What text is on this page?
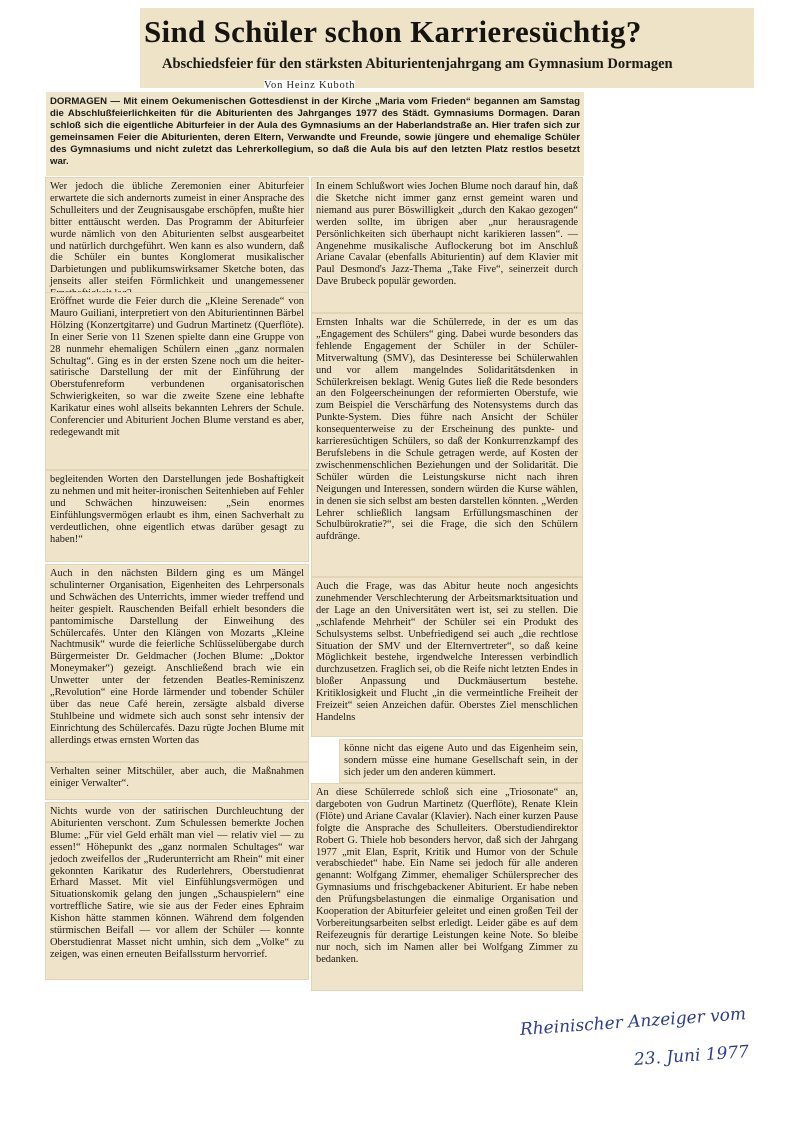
Sind Schüler schon Karrieresüchtig?
Abschiedsfeier für den stärksten Abiturientenjahrgang am Gymnasium Dormagen
Von Heinz Kuboth
DORMAGEN — Mit einem Oekumenischen Gottesdienst in der Kirche „Maria vom Frieden“ begannen am Samstag die Abschlußfeierlichkeiten für die Abiturienten des Jahrganges 1977 des Städt. Gymnasiums Dormagen. Daran schloß sich die eigentliche Abiturfeier in der Aula des Gymnasiums an der Haberlandstraße an. Hier trafen sich zur gemeinsamen Feier die Abiturienten, deren Eltern, Verwandte und Freunde, sowie jüngere und ehemalige Schüler des Gymnasiums und nicht zuletzt das Lehrerkollegium, so daß die Aula bis auf den letzten Platz restlos besetzt war.

Wer jedoch die übliche Zeremonien einer Abiturfeier erwartete die sich andernorts zumeist in einer Ansprache des Schulleiters und der Zeugnisausgabe erschöpfen, mußte hier bitter enttäuscht werden. Das Programm der Abiturfeier wurde nämlich von den Abiturienten selbst ausgearbeitet und natürlich durchgeführt. Wen kann es also wundern, daß die Schüler ein buntes Konglomerat musikalischer Darbietungen und publikumswirksamer Sketche boten, das jenseits aller steifen Förmlichkeit und unangemessener

Eröffnet wurde die Feier durch die „Kleine Serenade“ von Mauro Guiliani, interpretiert von den Abiturientinnen Bärbel Hölzing (Konzertgitarre) und Gudrun Martinetz (Querflöte). In einer Serie von 11 Szenen spielte dann eine Gruppe von 28 nunmehr ehemaligen Schülern einen „ganz normalen Schultag“. Ging es in der ersten Szene noch um die heiter-satirische Darstellung der mit der Einführung der Oberstufenreform verbundenen organisatorischen Schwierigkeiten, so war die zweite Szene eine lebhafte Karikatur eines wohl allseits bekannten Lehrers der Schule. Conferencier und Abiturient Jochen Blume verstand es aber, redegewandt mit

begleitenden Worten den Darstellungen jede Boshaftigkeit zu nehmen und mit heiter-ironischen Seitenhieben auf Fehler und Schwächen hinzuweisen: „Sein enormes Einfühlungsvermögen erlaubt es ihm, einen Sachverhalt zu verdeutlichen, ohne eigentlich etwas darüber gesagt zu haben!“

Auch in den nächsten Bildern ging es um Mängel schulinterner Organisation, Eigenheiten des Lehrpersonals und Schwächen des Unterrichts, immer wieder treffend und heiter gespielt. Rauschenden Beifall erhielt besonders die pantomimische Darstellung der Einweihung des Schülercafés. Unter den Klängen von Mozarts „Kleine Nachtmusik“ wurde die feierliche Schlüsselübergabe durch Bürgermeister Dr. Geldmacher (Jochen Blume: „Doktor Moneymaker“) gezeigt. Anschließend brach wie ein Unwetter unter der fetzenden Beatles-Reminiszenz „Revolution“ eine Horde lärmender und tobender Schüler über das neue Café herein, zersägte alsbald diverse Stuhlbeine und widmete sich auch sonst sehr intensiv der Einrichtung des Schülercafés. Dazu rügte Jochen Blume mit allerdings etwas ernsten Worten das

Verhalten seiner Mitschüler, aber auch, die Maßnahmen einiger Verwalter“.

Nichts wurde von der satirischen Durchleuchtung der Abiturienten verschont. Zum Schulessen bemerkte Jochen Blume: „Für viel Geld erhält man viel — relativ viel — zu essen!“ Höhepunkt des „ganz normalen Schultages“ war jedoch zweifellos der „Ruderunterricht am Rhein“ mit einer gekonnten Karikatur des Ruderlehrers, Oberstudienrat Erhard Masset. Mit viel Einfühlungsvermögen und Situationskomik gelang den jungen „Schauspielern“ eine vortreffliche Satire, wie sie aus der Feder eines Ephraim Kishon hätte stammen können. Während dem folgenden stürmischen Beifall — vor allem der Schüler — konnte Oberstudienrat Masset nicht umhin, sich dem „Volke“ zu zeigen, was einen erneuten Beifallssturm hervorrief.

In einem Schlußwort wies Jochen Blume noch darauf hin, daß die Sketche nicht immer ganz ernst gemeint waren und niemand aus purer Böswilligkeit „durch den Kakao gezogen“ werden sollte, im übrigen aber „nur herausragende Persönlichkeiten sich überhaupt nicht karikieren lassen“. — Angenehme musikalische Auflockerung bot im Anschluß Ariane Cavalar (ebenfalls Abiturientin) auf dem Klavier mit Paul Desmond's Jazz-Thema „Take Five“, seinerzeit durch Dave Brubeck populär geworden.

Ernsten Inhalts war die Schülerrede, in der es um das „Engagement des Schülers“ ging. Dabei wurde besonders das fehlende Engagement der Schüler in der Schüler-Mitverwaltung (SMV), das Desinteresse bei Schülerwahlen und vor allem mangelndes Solidaritätsdenken in Schülerkreisen beklagt. Wenig Gutes ließ die Rede besonders an den Folgeerscheinungen der reformierten Oberstufe, wie zum Beispiel die Verschärfung des Notensystems durch das Punkte-System. Dies führe nach Ansicht der Schüler konsequenterweise zu der Erscheinung des punkte- und karrieresüchtigen Schülers, so daß der Konkurrenzkampf des Berufslebens in die Schule getragen werde, auf Kosten der zwischenmenschlichen Beziehungen und der Solidarität. Die Schüler würden die Leistungskurse nicht nach ihren Neigungen und Interessen, sondern würden die Kurse wählen, in denen sie sich selbst am besten darstellen könnten. „Werden Lehrer schließlich langsam Erfüllungsmaschinen der Schulbürokratie?“, sei die Frage, die sich den Schülern aufdränge.

Auch die Frage, was das Abitur heute noch angesichts zunehmender Verschlechterung der Arbeitsmarktsituation und der Lage an den Universitäten wert ist, sei zu stellen. Die „schlafende Mehrheit“ der Schüler sei ein Produkt des Schulsystems selbst. Unbefriedigend sei auch „die rechtlose Situation der SMV und der Elternvertreter“, so daß keine Möglichkeit bestehe, irgendwelche Interessen verbindlich durchzusetzen. Fraglich sei, ob die Reife nicht letzten Endes in bloßer Anpassung und Duckmäusertum bestehe. Kritiklosigkeit und Flucht „in die vermeintliche Freiheit der Freizeit“ seien Anzeichen dafür. Oberstes Ziel menschlichen Handelns

könne nicht das eigene Auto und das Eigenheim sein, sondern müsse eine humane Gesellschaft sein, in der sich jeder um den anderen kümmert.

An diese Schülerrede schloß sich eine „Triosonate“ an, dargeboten von Gudrun Martinetz (Querflöte), Renate Klein (Flöte) und Ariane Cavalar (Klavier). Nach einer kurzen Pause folgte die Ansprache des Schulleiters. Oberstudiendirektor Robert G. Thiele hob besonders hervor, daß sich der Jahrgang 1977 „mit Elan, Esprit, Kritik und Humor von der Schule verabschiedet“ habe. Ein Name sei jedoch für alle anderen genannt: Wolfgang Zimmer, ehemaliger Schülersprecher des Gymnasiums und frischgebackener Abiturient. Er habe neben den Prüfungsbelastungen die einmalige Organisation und Kooperation der Abiturfeier geleitet und einen großen Teil der Vorbereitungsarbeiten selbst erledigt. Leider gäbe es auf dem Reifezeugnis für derartige Leistungen keine Note. So bleibe nur noch, sich im Namen aller bei Wolfgang Zimmer zu bedanken.

Rheinischer Anzeiger vom
23. Juni 1977
